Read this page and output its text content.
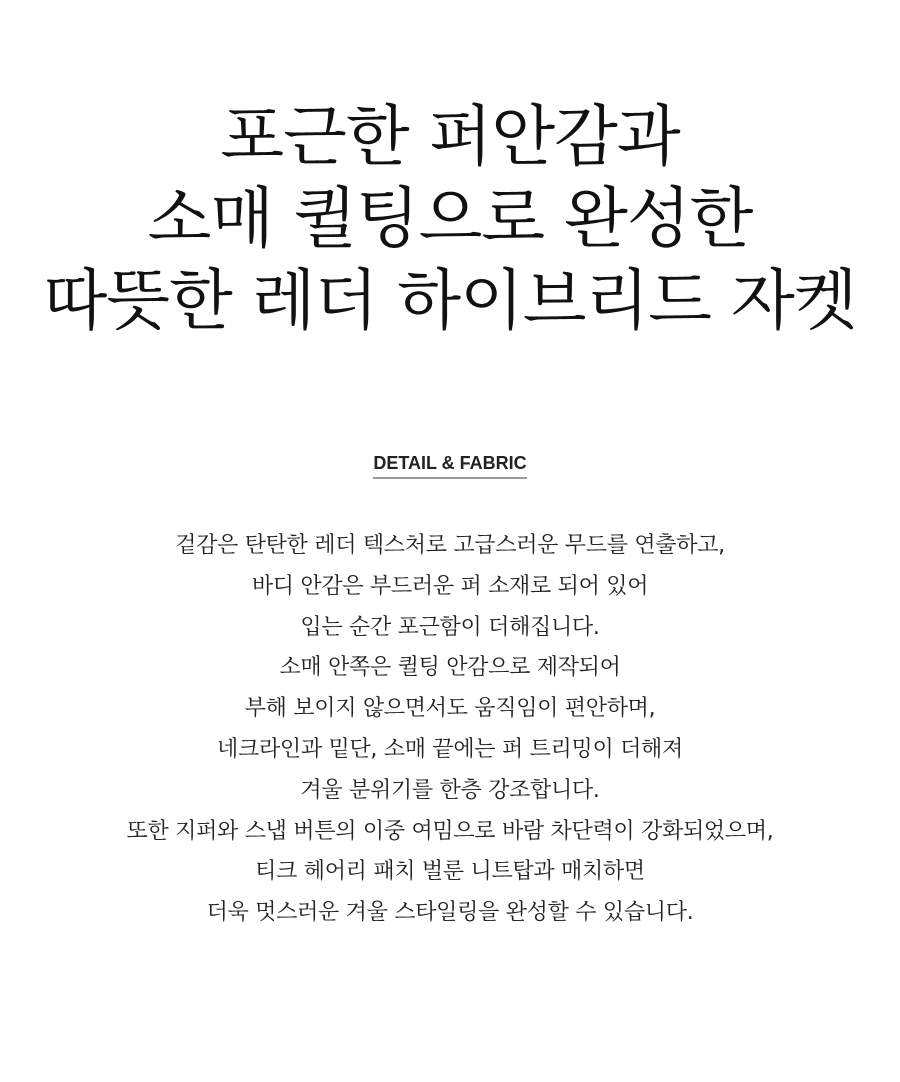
포근한 퍼안감과
소매 퀼팅으로 완성한
따뜻한 레더 하이브리드 자켓
DETAIL & FABRIC
겉감은 탄탄한 레더 텍스처로 고급스러운 무드를 연출하고,
바디 안감은 부드러운 퍼 소재로 되어 있어
입는 순간 포근함이 더해집니다.
소매 안쪽은 퀼팅 안감으로 제작되어
부해 보이지 않으면서도 움직임이 편안하며,
네크라인과 밑단, 소매 끝에는 퍼 트리밍이 더해져
겨울 분위기를 한층 강조합니다.
또한 지퍼와 스냅 버튼의 이중 여밈으로 바람 차단력이 강화되었으며,
티크 헤어리 패치 벌룬 니트탑과 매치하면
더욱 멋스러운 겨울 스타일링을 완성할 수 있습니다.
